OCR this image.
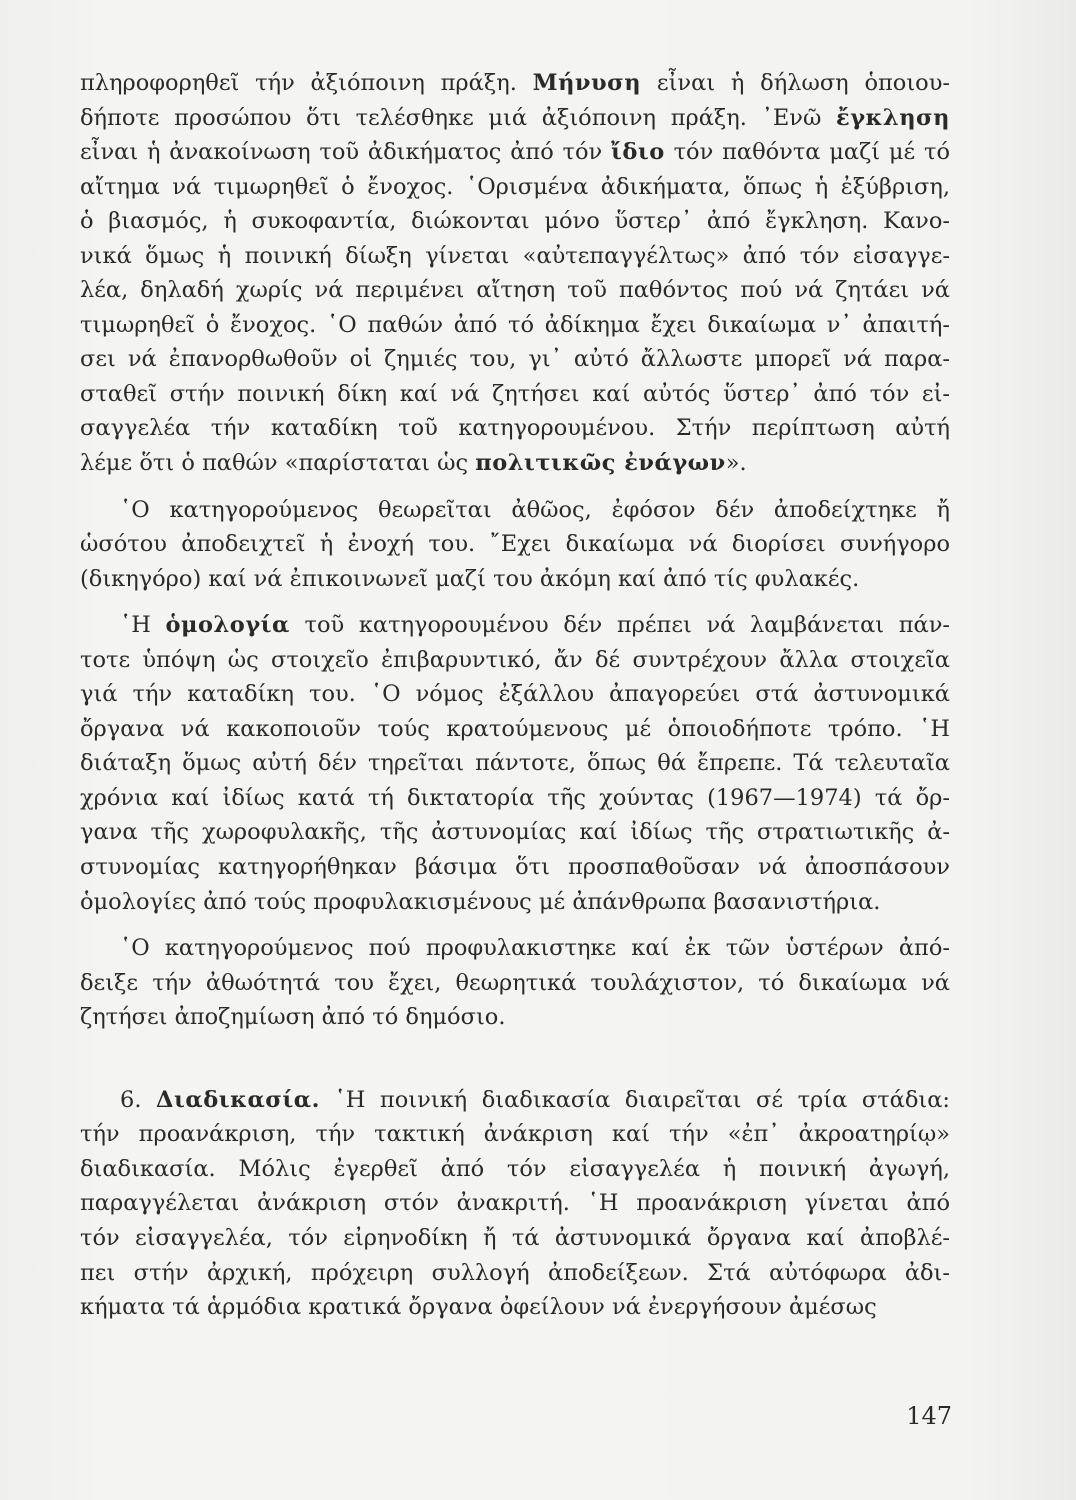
πληροφορηθεῖ τήν ἀξιόποινη πράξη. Μήνυση εἶναι ἡ δήλωση ὁποιου-
δήποτε προσώπου ὅτι τελέσθηκε μιά ἀξιόποινη πράξη. ᾿Ενῶ ἔγκληση
εἶναι ἡ ἀνακοίνωση τοῦ ἀδικήματος ἀπό τόν ἴδιο τόν παθόντα μαζί μέ τό
αἴτημα νά τιμωρηθεῖ ὁ ἔνοχος. ῾Ορισμένα ἀδικήματα, ὅπως ἡ ἐξύβριση,
ὁ βιασμός, ἡ συκοφαντία, διώκονται μόνο ὕστερ᾿ ἀπό ἔγκληση. Κανο-
νικά ὅμως ἡ ποινική δίωξη γίνεται «αὐτεπαγγέλτως» ἀπό τόν εἰσαγγε-
λέα, δηλαδή χωρίς νά περιμένει αἴτηση τοῦ παθόντος πού νά ζητάει νά
τιμωρηθεῖ ὁ ἔνοχος. ῾Ο παθών ἀπό τό ἀδίκημα ἔχει δικαίωμα ν᾿ ἀπαιτή-
σει νά ἐπανορθωθοῦν οἱ ζημιές του, γι᾿ αὐτό ἄλλωστε μπορεῖ νά παρα-
σταθεῖ στήν ποινική δίκη καί νά ζητήσει καί αὐτός ὕστερ᾿ ἀπό τόν εἰ-
σαγγελέα τήν καταδίκη τοῦ κατηγορουμένου. Στήν περίπτωση αὐτή
λέμε ὅτι ὁ παθών «παρίσταται ὡς πολιτικῶς ἐνάγων».
῾Ο κατηγορούμενος θεωρεῖται ἀθῶος, ἐφόσον δέν ἀποδείχτηκε ἤ
ὡσότου ἀποδειχτεῖ ἡ ἐνοχή του. ῎Εχει δικαίωμα νά διορίσει συνήγορο
(δικηγόρο) καί νά ἐπικοινωνεῖ μαζί του ἀκόμη καί ἀπό τίς φυλακές.
῾Η ὁμολογία τοῦ κατηγορουμένου δέν πρέπει νά λαμβάνεται πάν-
τοτε ὑπόψη ὡς στοιχεῖο ἐπιβαρυντικό, ἄν δέ συντρέχουν ἄλλα στοιχεῖα
γιά τήν καταδίκη του. ῾Ο νόμος ἐξάλλου ἀπαγορεύει στά ἀστυνομικά
ὄργανα νά κακοποιοῦν τούς κρατούμενους μέ ὁποιοδήποτε τρόπο. ῾Η
διάταξη ὅμως αὐτή δέν τηρεῖται πάντοτε, ὅπως θά ἔπρεπε. Τά τελευταῖα
χρόνια καί ἰδίως κατά τή δικτατορία τῆς χούντας (1967—1974) τά ὄρ-
γανα τῆς χωροφυλακῆς, τῆς ἀστυνομίας καί ἰδίως τῆς στρατιωτικῆς ἀ-
στυνομίας κατηγορήθηκαν βάσιμα ὅτι προσπαθοῦσαν νά ἀποσπάσουν
ὁμολογίες ἀπό τούς προφυλακισμένους μέ ἀπάνθρωπα βασανιστήρια.
῾Ο κατηγορούμενος πού προφυλακιστηκε καί ἐκ τῶν ὑστέρων ἀπό-
δειξε τήν ἀθωότητά του ἔχει, θεωρητικά τουλάχιστον, τό δικαίωμα νά
ζητήσει ἀποζημίωση ἀπό τό δημόσιο.
6. Διαδικασία. ῾Η ποινική διαδικασία διαιρεῖται σέ τρία στάδια:
τήν προανάκριση, τήν τακτική ἀνάκριση καί τήν «ἐπ᾿ ἀκροατηρίῳ»
διαδικασία. Μόλις ἐγερθεῖ ἀπό τόν εἰσαγγελέα ἡ ποινική ἀγωγή,
παραγγέλεται ἀνάκριση στόν ἀνακριτή. ῾Η προανάκριση γίνεται ἀπό
τόν εἰσαγγελέα, τόν εἰρηνοδίκη ἤ τά ἀστυνομικά ὄργανα καί ἀποβλέ-
πει στήν ἀρχική, πρόχειρη συλλογή ἀποδείξεων. Στά αὐτόφωρα ἀδι-
κήματα τά ἁρμόδια κρατικά ὄργανα ὀφείλουν νά ἐνεργήσουν ἀμέσως
147
